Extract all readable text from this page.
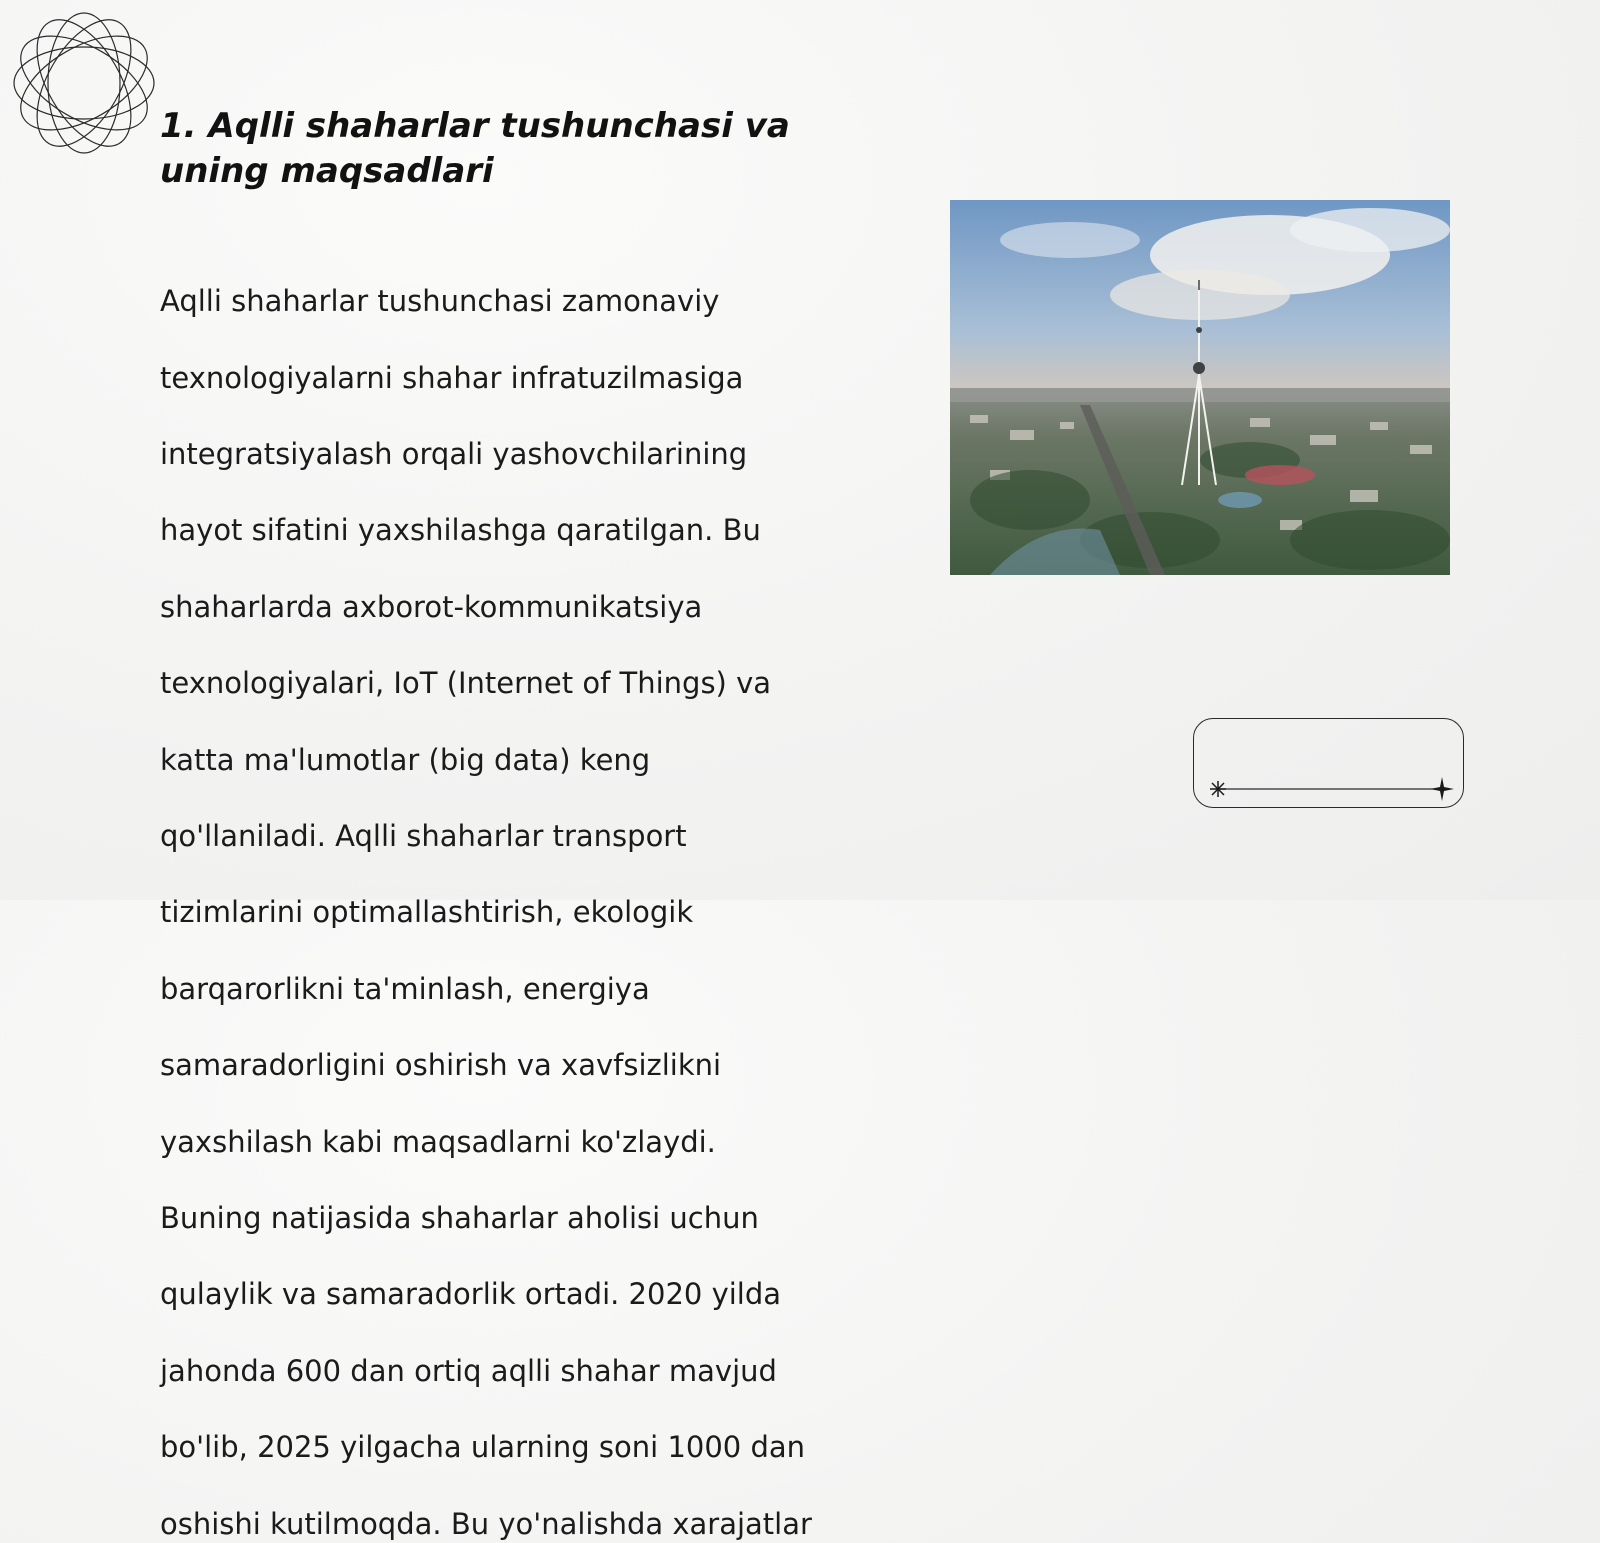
1. Aqlli shaharlar tushunchasi va
uning maqsadlari

Aqlli shaharlar tushunchasi zamonaviy

texnologiyalarni shahar infratuzilmasiga

integratsiyalash orqali yashovchilarining

hayot sifatini yaxshilashga qaratilgan. Bu

shaharlarda axborot-kommunikatsiya

texnologiyalari, IoT (Internet of Things) va

katta ma'lumotlar (big data) keng

qo'llaniladi. Aqlli shaharlar transport

tizimlarini optimallashtirish, ekologik

barqarorlikni ta'minlash, energiya

samaradorligini oshirish va xavfsizlikni

yaxshilash kabi maqsadlarni ko'zlaydi.

Buning natijasida shaharlar aholisi uchun

qulaylik va samaradorlik ortadi. 2020 yilda

jahonda 600 dan ortiq aqlli shahar mavjud

bo'lib, 2025 yilgacha ularning soni 1000 dan

oshishi kutilmoqda. Bu yo'nalishda xarajatlar
